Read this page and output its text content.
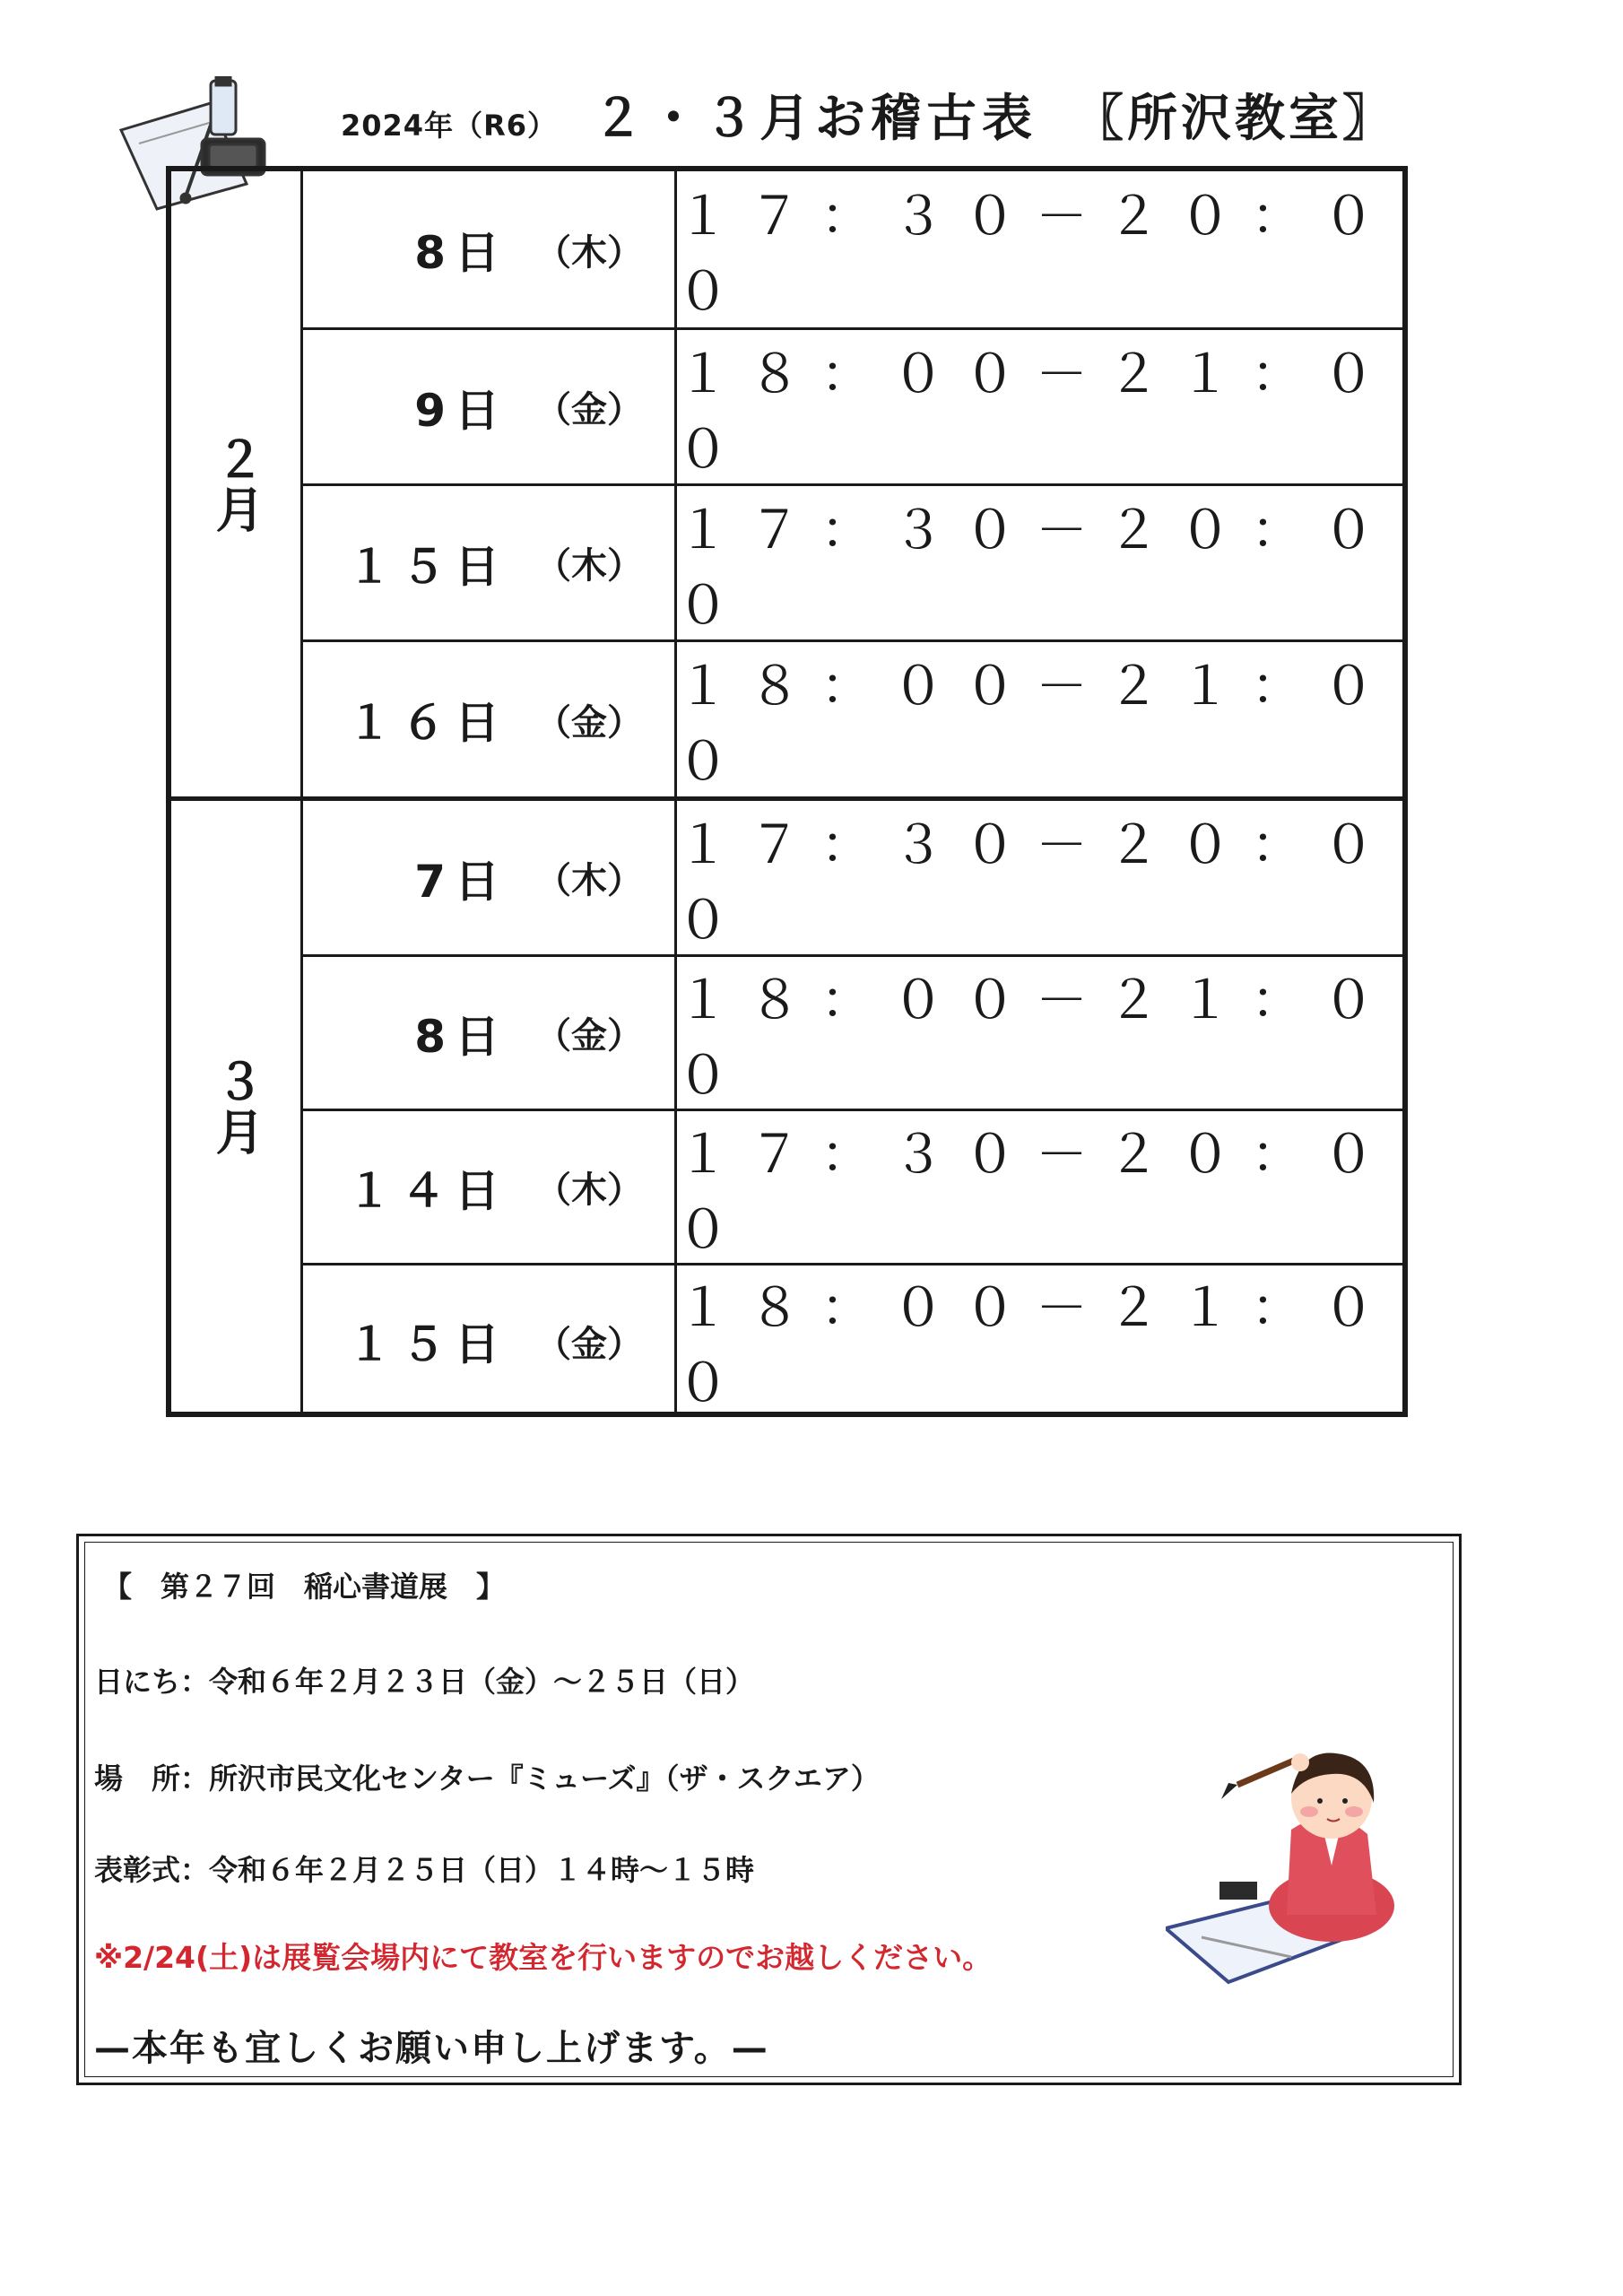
2024年（R6） ２・３月お稽古表 〖所沢教室〗
２月
8日 （木）
１７：３０－２０：００
9日 （金）
１８：００－２１：００
１５日 （木）
１７：３０－２０：００
１６日 （金）
１８：００－２１：００
３月
7日 （木）
１７：３０－２０：００
8日 （金）
１８：００－２１：００
１４日 （木）
１７：３０－２０：００
１５日 （金）
１８：００－２１：００
【　第２７回　稲心書道展　】
日にち：令和６年２月２３日（金）～２５日（日）
場　所：所沢市民文化センター『ミューズ』（ザ・スクエア）
表彰式：令和６年２月２５日（日）１４時～１５時
※2/24(土)は展覧会場内にて教室を行いますのでお越しください。
—本年も宜しくお願い申し上げます。—
